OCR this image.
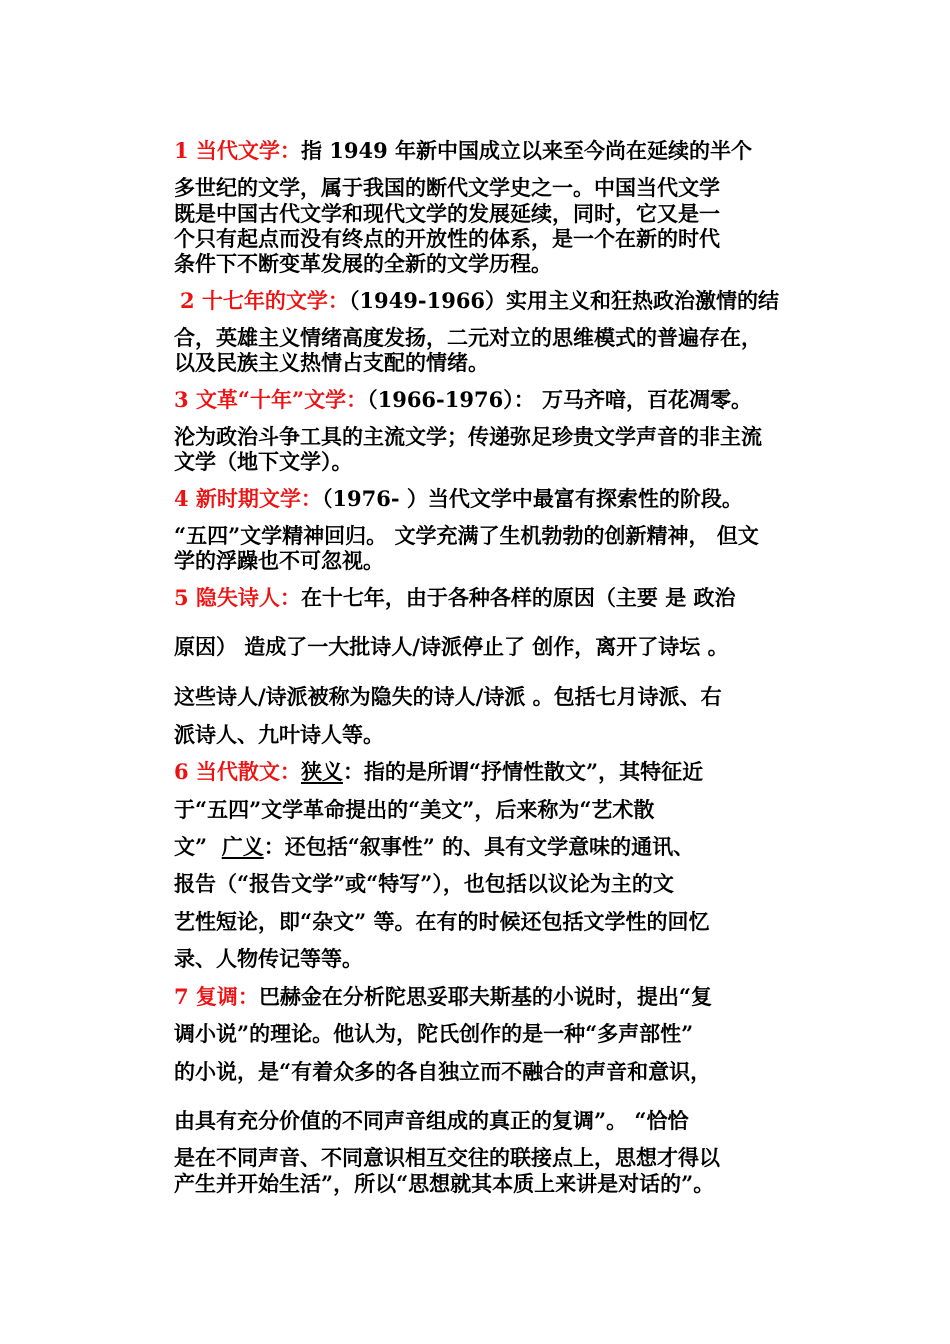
1 当代文学：指 1949 年新中国成立以来至今尚在延续的半个

多世纪的文学，属于我国的断代文学史之一。中国当代文学

既是中国古代文学和现代文学的发展延续，同时，它又是一

个只有起点而没有终点的开放性的体系，是一个在新的时代

条件下不断变革发展的全新的文学历程。

2 十七年的文学：（1949-1966）实用主义和狂热政治激情的结

合，英雄主义情绪高度发扬，二元对立的思维模式的普遍存在，

以及民族主义热情占支配的情绪。

3 文革“十年”文学：（1966-1976）： 万马齐喑，百花凋零。

沦为政治斗争工具的主流文学；传递弥足珍贵文学声音的非主流

文学（地下文学）。

4 新时期文学：（1976- ）当代文学中最富有探索性的阶段。

“五四”文学精神回归。 文学充满了生机勃勃的创新精神， 但文

学的浮躁也不可忽视。

5 隐失诗人：在十七年，由于各种各样的原因（主要 是 政治

原因） 造成了一大批诗人/诗派停止了 创作，离开了诗坛 。

这些诗人/诗派被称为隐失的诗人/诗派 。包括七月诗派、右

派诗人、九叶诗人等。

6 当代散文：狭义：指的是所谓“抒情性散文”，其特征近

于“五四”文学革命提出的“美文”，后来称为“艺术散

文”  广义：还包括“叙事性” 的、具有文学意味的通讯、

报告（“报告文学”或“特写”），也包括以议论为主的文

艺性短论，即“杂文” 等。在有的时候还包括文学性的回忆

录、人物传记等等。

7 复调：巴赫金在分析陀思妥耶夫斯基的小说时，提出“复

调小说”的理论。他认为，陀氏创作的是一种“多声部性”

的小说，是“有着众多的各自独立而不融合的声音和意识，

由具有充分价值的不同声音组成的真正的复调”。 “恰恰

是在不同声音、不同意识相互交往的联接点上，思想才得以

产生并开始生活”，所以“思想就其本质上来讲是对话的”。
